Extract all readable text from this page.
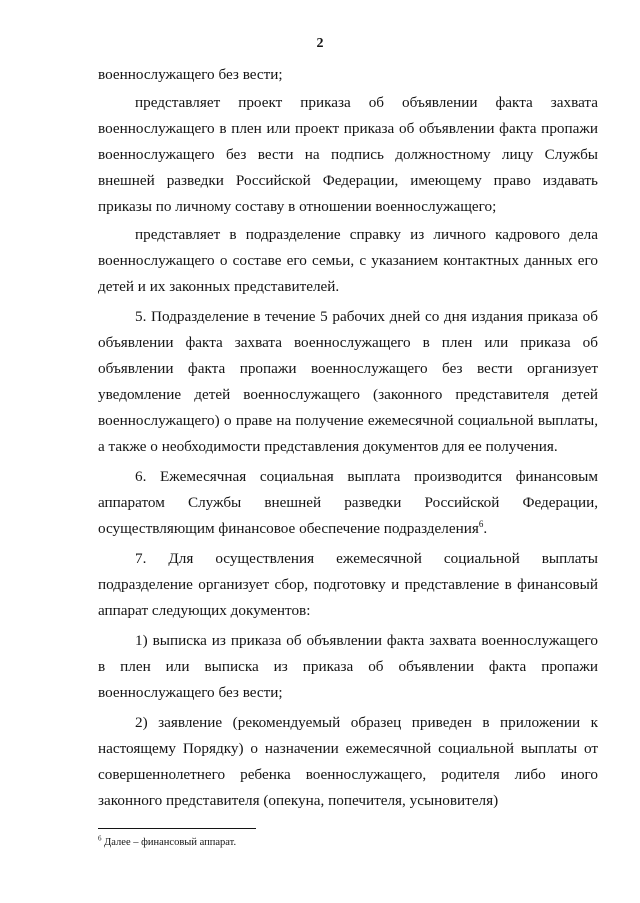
2

военнослужащего без вести;

представляет проект приказа об объявлении факта захвата военнослужащего в плен или проект приказа об объявлении факта пропажи военнослужащего без вести на подпись должностному лицу Службы внешней разведки Российской Федерации, имеющему право издавать приказы по личному составу в отношении военнослужащего;

представляет в подразделение справку из личного кадрового дела военнослужащего о составе его семьи, с указанием контактных данных его детей и их законных представителей.

5. Подразделение в течение 5 рабочих дней со дня издания приказа об объявлении факта захвата военнослужащего в плен или приказа об объявлении факта пропажи военнослужащего без вести организует уведомление детей военнослужащего (законного представителя детей военнослужащего) о праве на получение ежемесячной социальной выплаты, а также о необходимости представления документов для ее получения.

6. Ежемесячная социальная выплата производится финансовым аппаратом Службы внешней разведки Российской Федерации, осуществляющим финансовое обеспечение подразделения$^6$.

7. Для осуществления ежемесячной социальной выплаты подразделение организует сбор, подготовку и представление в финансовый аппарат следующих документов:

1) выписка из приказа об объявлении факта захвата военнослужащего в плен или выписка из приказа об объявлении факта пропажи военнослужащего без вести;

2) заявление (рекомендуемый образец приведен в приложении к настоящему Порядку) о назначении ежемесячной социальной выплаты от совершеннолетнего ребенка военнослужащего, родителя либо иного законного представителя (опекуна, попечителя, усыновителя)

$^6$ Далее – финансовый аппарат.
